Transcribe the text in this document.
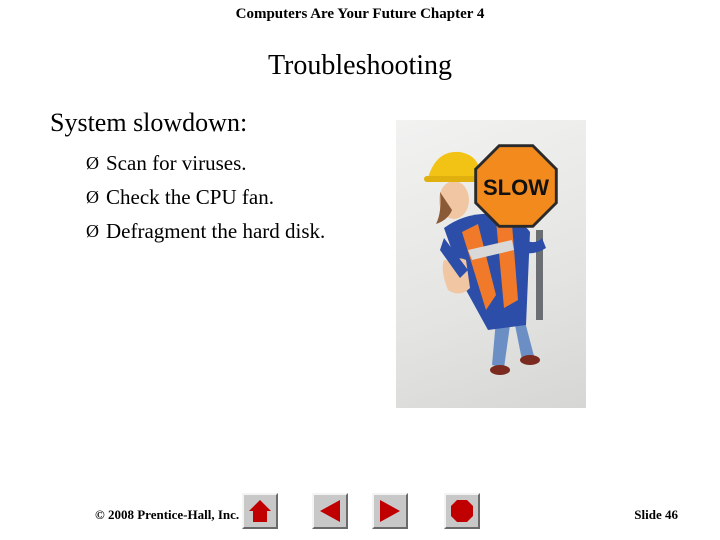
Computers Are Your Future Chapter 4
Troubleshooting
System slowdown:
Ø Scan for viruses.
Ø Check the CPU fan.
Ø Defragment the hard disk.
SLOW
© 2008 Prentice-Hall, Inc.	Slide 46
